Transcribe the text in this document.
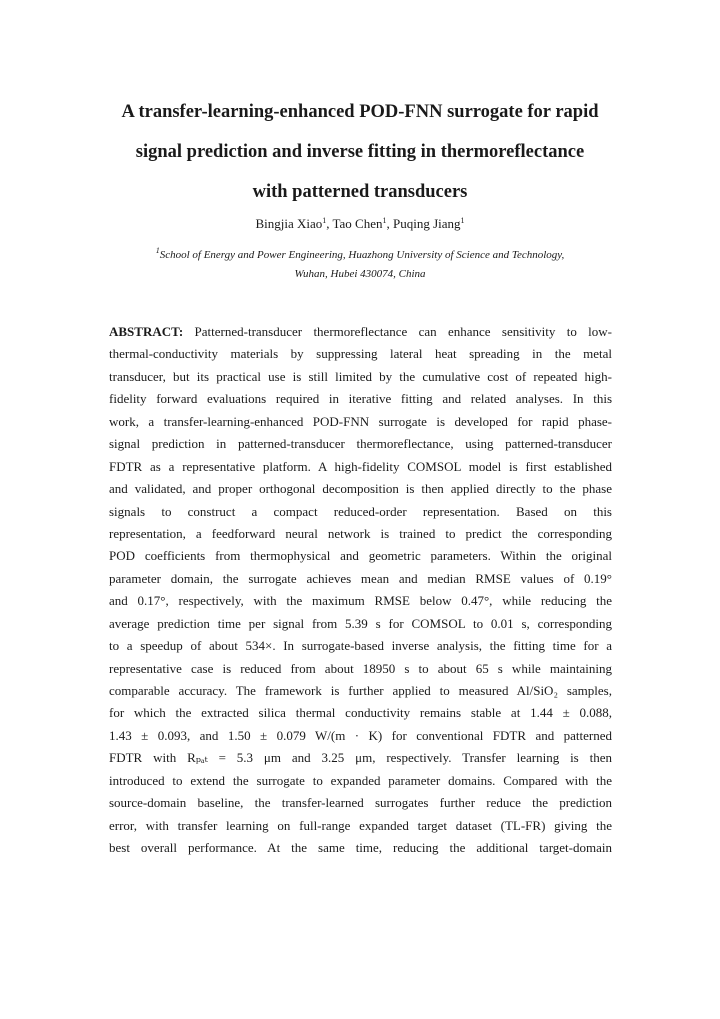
A transfer-learning-enhanced POD-FNN surrogate for rapid
signal prediction and inverse fitting in thermoreflectance
with patterned transducers
Bingjia Xiao$^1$, Tao Chen$^1$, Puqing Jiang$^1$
$^1$School of Energy and Power Engineering, Huazhong University of Science and Technology,
Wuhan, Hubei 430074, China
ABSTRACT: Patterned-transducer thermoreflectance can enhance sensitivity to low-
thermal-conductivity materials by suppressing lateral heat spreading in the metal
transducer, but its practical use is still limited by the cumulative cost of repeated high-
fidelity forward evaluations required in iterative fitting and related analyses. In this
work, a transfer-learning-enhanced POD-FNN surrogate is developed for rapid phase-
signal prediction in patterned-transducer thermoreflectance, using patterned-transducer
FDTR as a representative platform. A high-fidelity COMSOL model is first established
and validated, and proper orthogonal decomposition is then applied directly to the phase
signals to construct a compact reduced-order representation. Based on this
representation, a feedforward neural network is trained to predict the corresponding
POD coefficients from thermophysical and geometric parameters. Within the original
parameter domain, the surrogate achieves mean and median RMSE values of 0.19°
and 0.17°, respectively, with the maximum RMSE below 0.47°, while reducing the
average prediction time per signal from 5.39 s for COMSOL to 0.01 s, corresponding
to a speedup of about 534×. In surrogate-based inverse analysis, the fitting time for a
representative case is reduced from about 18950 s to about 65 s while maintaining
comparable accuracy. The framework is further applied to measured Al/SiO₂ samples,
for which the extracted silica thermal conductivity remains stable at 1.44 ± 0.088,
1.43 ± 0.093, and 1.50 ± 0.079 W/(m · K) for conventional FDTR and patterned
FDTR with Rₚₐₜ = 5.3 μm and 3.25 μm, respectively. Transfer learning is then
introduced to extend the surrogate to expanded parameter domains. Compared with the
source-domain baseline, the transfer-learned surrogates further reduce the prediction
error, with transfer learning on full-range expanded target dataset (TL-FR) giving the
best overall performance. At the same time, reducing the additional target-domain
